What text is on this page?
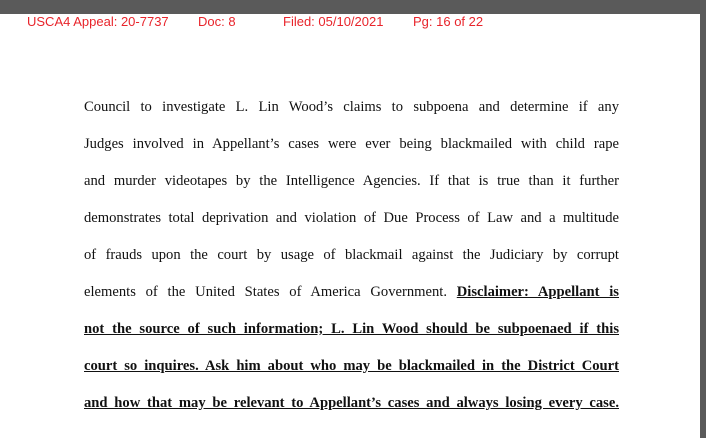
USCA4 Appeal: 20-7737 Doc: 8	Filed: 05/10/2021 Pg: 16 of 22
Council to investigate L. Lin Wood’s claims to subpoena and determine if any
Judges involved in Appellant’s cases were ever being blackmailed with child rape
and murder videotapes by the Intelligence Agencies. If that is true than it further
demonstrates total deprivation and violation of Due Process of Law and a multitude
of frauds upon the court by usage of blackmail against the Judiciary by corrupt
elements of the United States of America Government. Disclaimer: Appellant is
not the source of such information; L. Lin Wood should be subpoenaed if this
court so inquires. Ask him about who may be blackmailed in the District Court
and how that may be relevant to Appellant’s cases and always losing every case.
